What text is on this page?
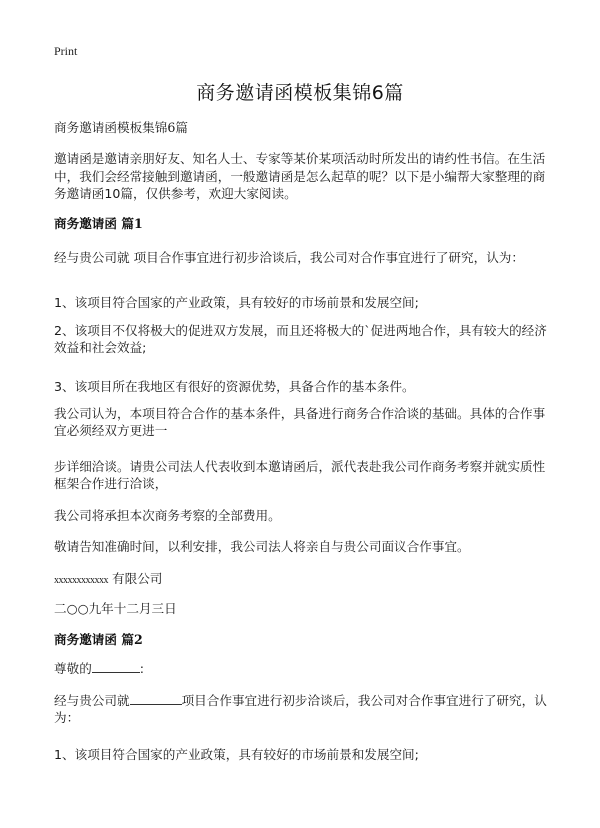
Print
商务邀请函模板集锦6篇

商务邀请函模板集锦6篇

邀请函是邀请亲朋好友、知名人士、专家等某价某项活动时所发出的请约性书信。在生活中，我们会经常接触到邀请函，一般邀请函是怎么起草的呢？以下是小编帮大家整理的商务邀请函10篇，仅供参考，欢迎大家阅读。

商务邀请函 篇1

经与贵公司就 项目合作事宜进行初步洽谈后，我公司对合作事宜进行了研究，认为：

1、该项目符合国家的产业政策，具有较好的市场前景和发展空间;

2、该项目不仅将极大的促进双方发展，而且还将极大的`促进两地合作，具有较大的经济效益和社会效益;

3、该项目所在我地区有很好的资源优势，具备合作的基本条件。

我公司认为，本项目符合合作的基本条件，具备进行商务合作洽谈的基础。具体的合作事宜必须经双方更进一

步详细洽谈。请贵公司法人代表收到本邀请函后，派代表赴我公司作商务考察并就实质性框架合作进行洽谈，

我公司将承担本次商务考察的全部费用。

敬请告知准确时间，以利安排，我公司法人将亲自与贵公司面议合作事宜。

xxxxxxxxxxxx 有限公司

二○○九年十二月三日

商务邀请函 篇2

尊敬的	:

经与贵公司就	项目合作事宜进行初步洽谈后，我公司对合作事宜进行了研究，认为：

1、该项目符合国家的产业政策，具有较好的市场前景和发展空间;
